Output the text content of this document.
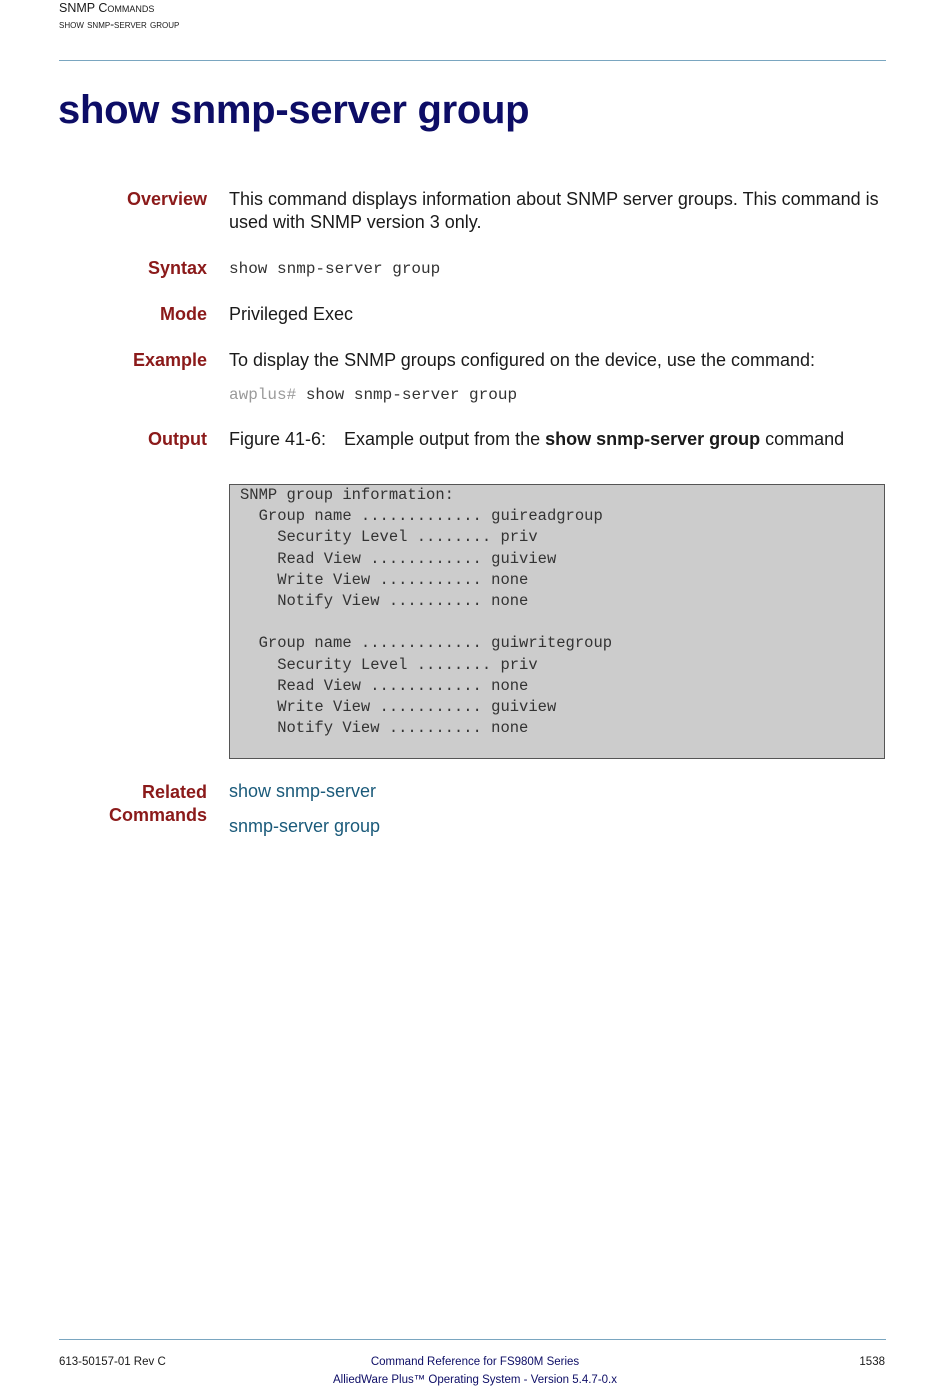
SNMP Commands
show snmp-server group
show snmp-server group
Overview This command displays information about SNMP server groups. This command is
used with SNMP version 3 only.
Syntax show snmp-server group
Mode Privileged Exec
Example To display the SNMP groups configured on the device, use the command:
awplus# show snmp-server group
Output Figure 41-6: Example output from the show snmp-server group command
SNMP group information:
Group name ............. guireadgroup
Security Level ........ priv
Read View ............ guiview
Write View ........... none
Notify View .......... none

Group name ............. guiwritegroup
Security Level ........ priv
Read View ............ none
Write View ........... guiview
Notify View .......... none
Related
Commands
show snmp-server
snmp-server group
613-50157-01 Rev C	Command Reference for FS980M Series
AlliedWare Plus™ Operating System - Version 5.4.7-0.x
1538
